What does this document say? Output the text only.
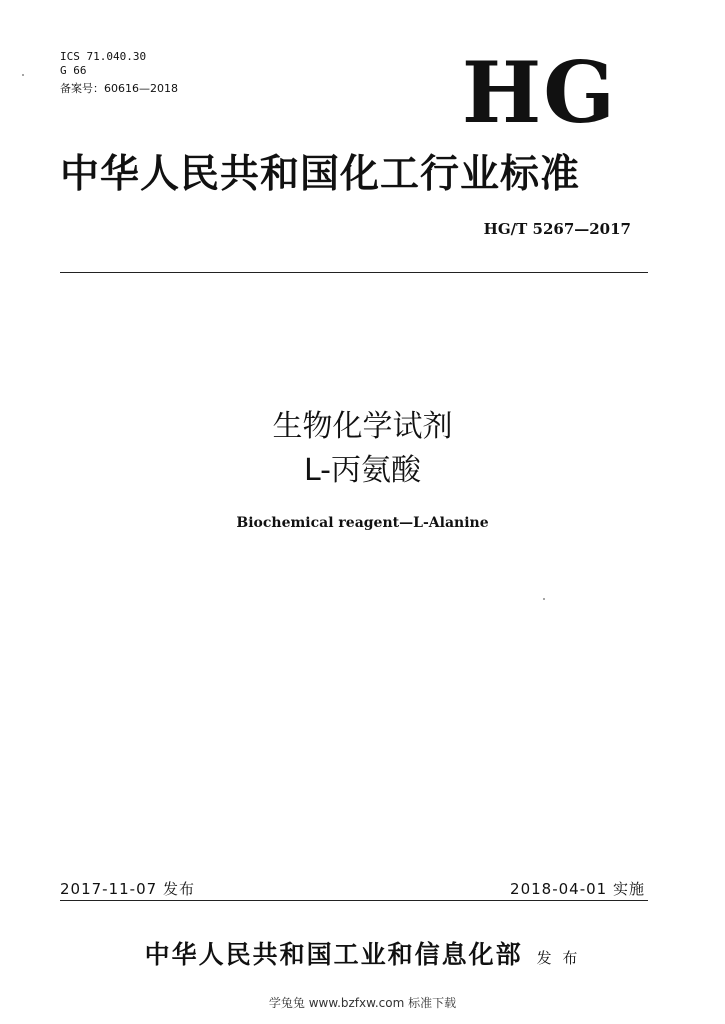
ICS 71.040.30
G 66
备案号：60616—2018	HG
中华人民共和国化工行业标准
HG/T 5267—2017
生物化学试剂
L-丙氨酸
Biochemical reagent—L-Alanine
2017-11-07 发布	2018-04-01 实施
中华人民共和国工业和信息化部 发 布
学兔兔 www.bzfxw.com 标准下载
